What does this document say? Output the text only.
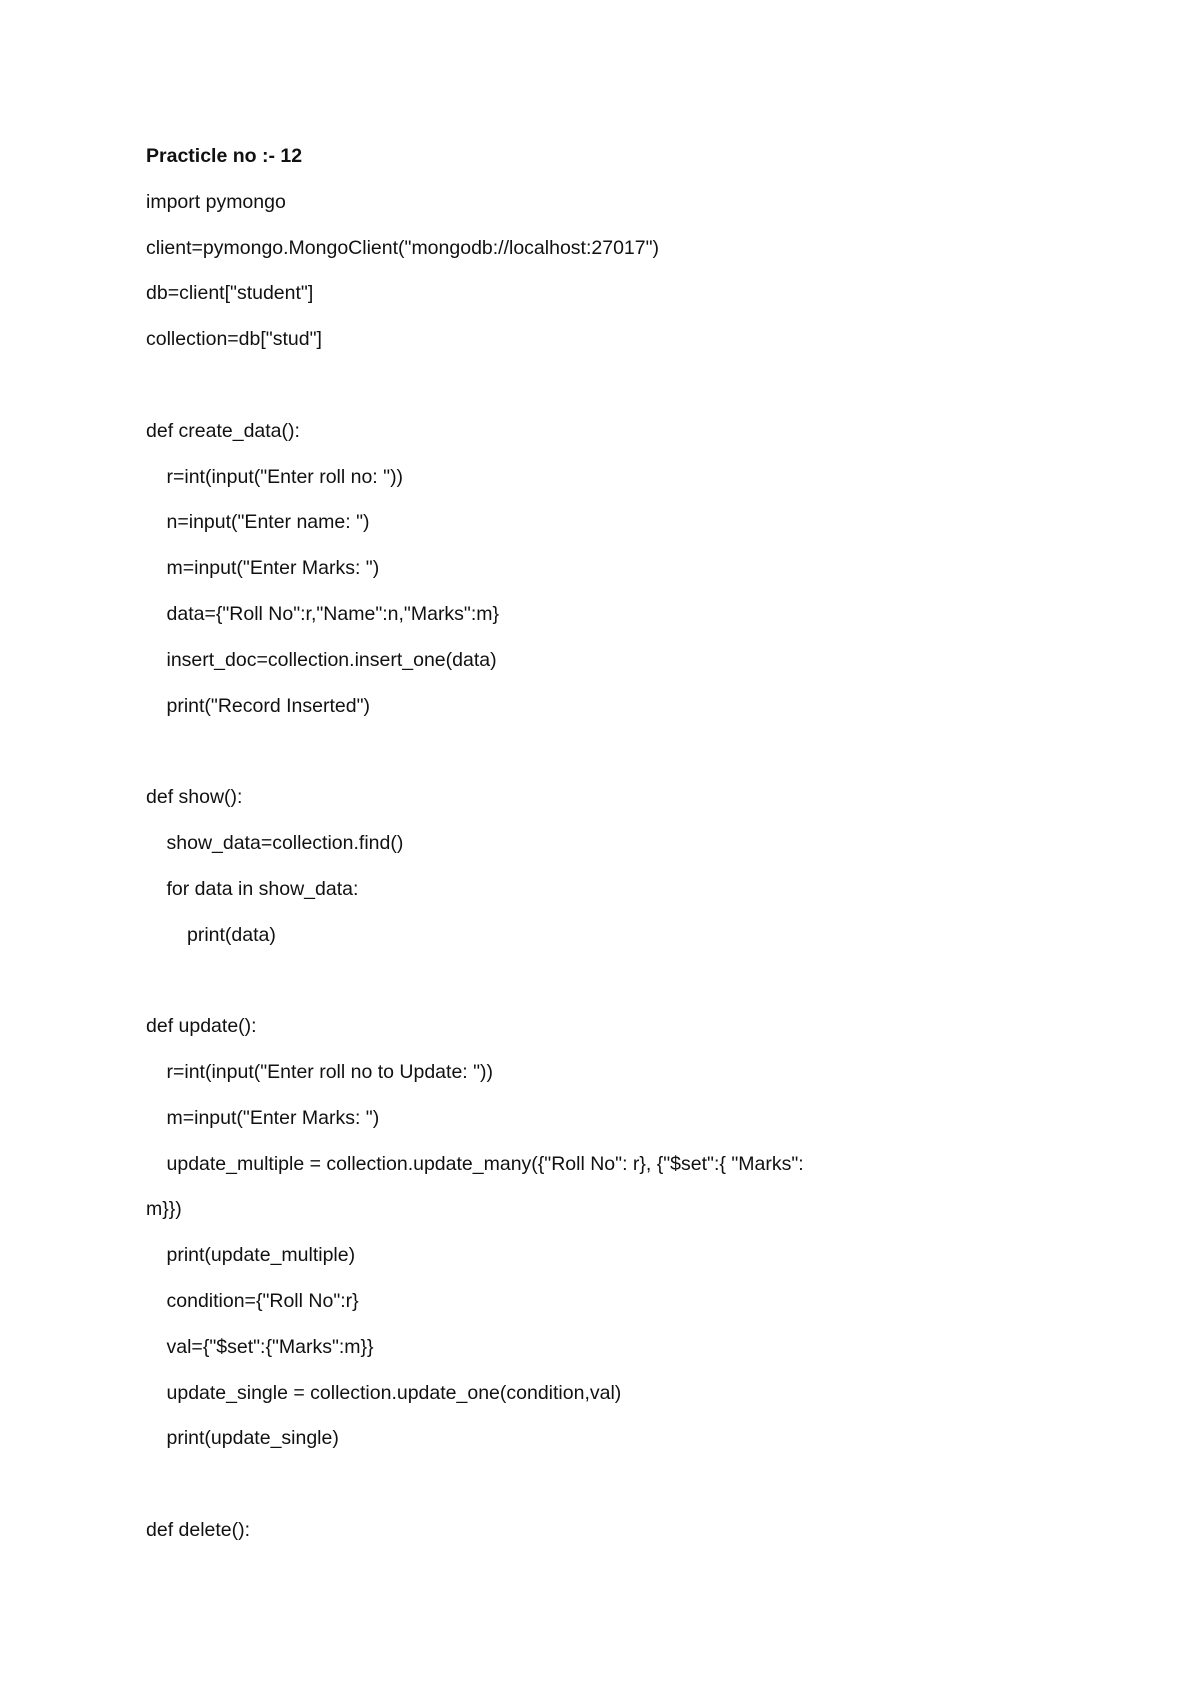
Practicle no :- 12
import pymongo
client=pymongo.MongoClient("mongodb://localhost:27017")
db=client["student"]
collection=db["stud"]
def create_data():
r=int(input("Enter roll no: "))
n=input("Enter name: ")
m=input("Enter Marks: ")
data={"Roll No":r,"Name":n,"Marks":m}
insert_doc=collection.insert_one(data)
print("Record Inserted")
def show():
show_data=collection.find()
for data in show_data:
print(data)
def update():
r=int(input("Enter roll no to Update: "))
m=input("Enter Marks: ")
update_multiple = collection.update_many({"Roll No": r}, {"$set":{ "Marks":
m}})
print(update_multiple)
condition={"Roll No":r}
val={"$set":{"Marks":m}}
update_single = collection.update_one(condition,val)
print(update_single)
def delete():
